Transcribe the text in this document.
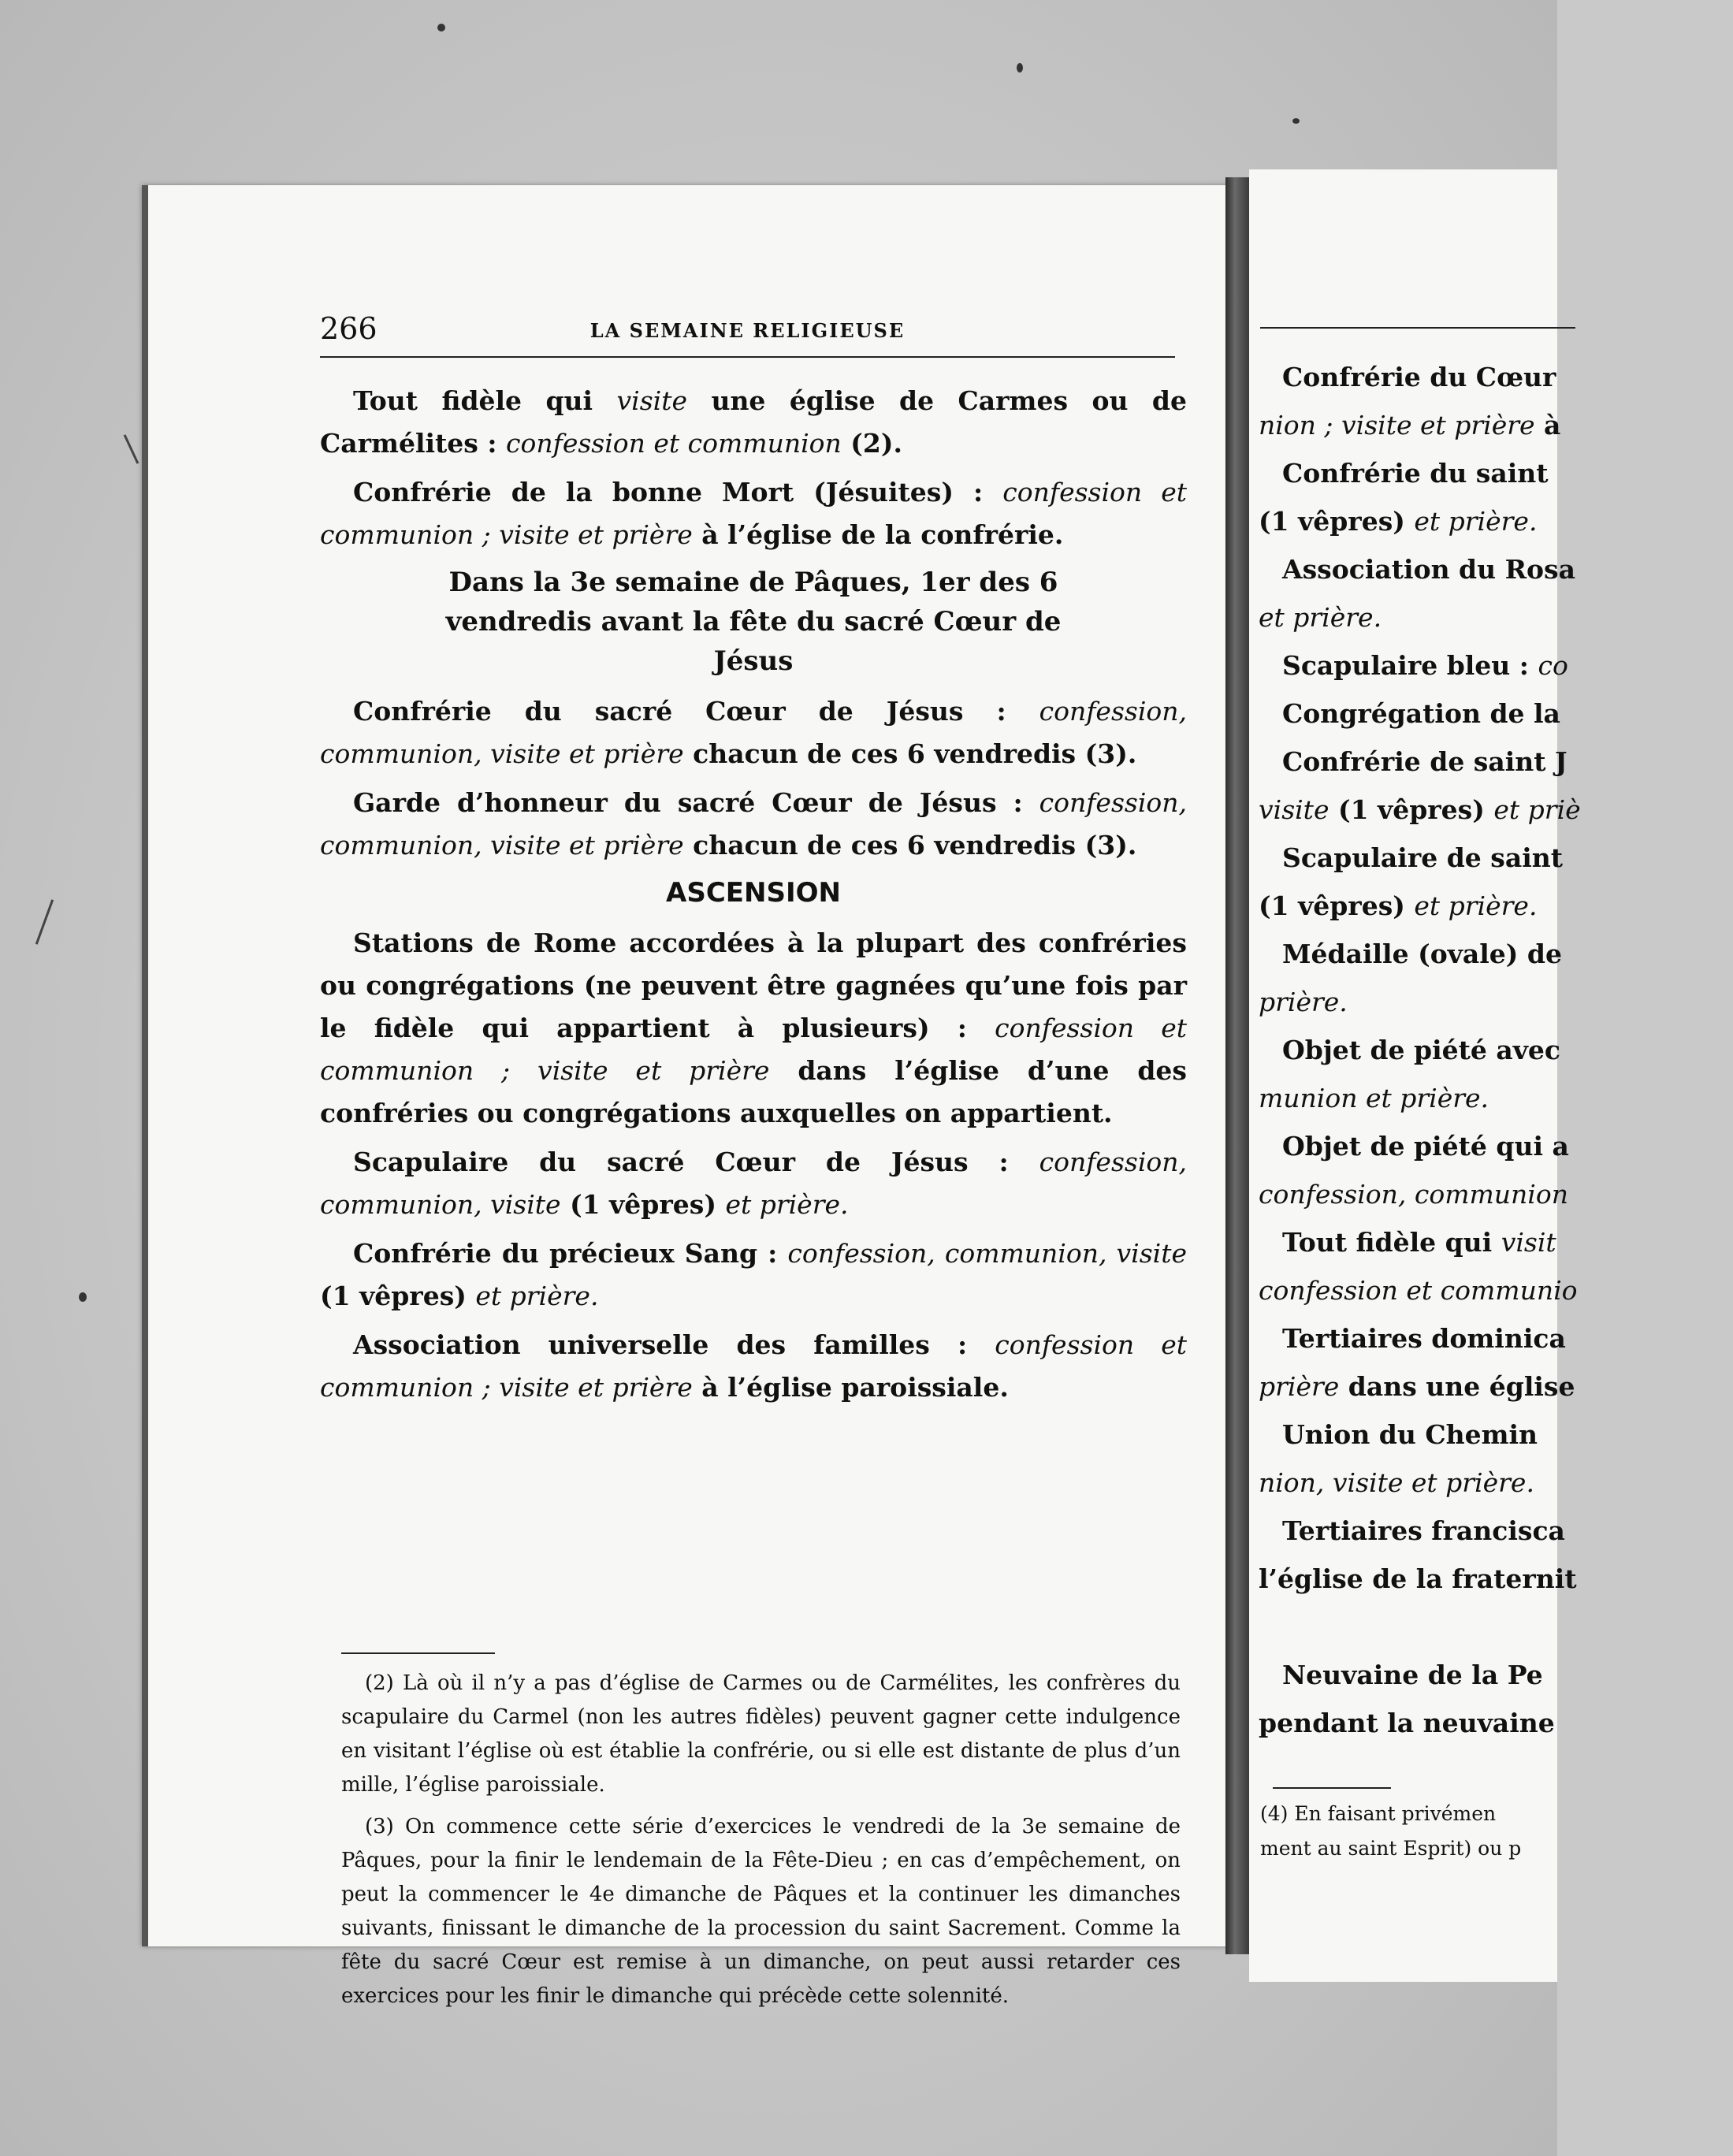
266	LA SEMAINE RELIGIEUSE

Tout fidèle qui visite une église de Carmes ou de Carmélites : confession et communion (2).

Confrérie de la bonne Mort (Jésuites) : confession et communion ; visite et prière à l’église de la confrérie.

Dans la 3e semaine de Pâques, 1er des 6 vendredis avant la fête du sacré Cœur de Jésus

Confrérie du sacré Cœur de Jésus : confession, communion, visite et prière chacun de ces 6 vendredis (3).

Garde d’honneur du sacré Cœur de Jésus : confession, communion, visite et prière chacun de ces 6 vendredis (3).

ASCENSION

Stations de Rome accordées à la plupart des confréries ou congrégations (ne peuvent être gagnées qu’une fois par le fidèle qui appartient à plusieurs) : confession et communion ; visite et prière dans l’église d’une des confréries ou congrégations auxquelles on appartient.

Scapulaire du sacré Cœur de Jésus : confession, communion, visite (1 vêpres) et prière.

Confrérie du précieux Sang : confession, communion, visite (1 vêpres) et prière.

Association universelle des familles : confession et communion ; visite et prière à l’église paroissiale.

(2) Là où il n’y a pas d’église de Carmes ou de Carmélites, les confrères du scapulaire du Carmel (non les autres fidèles) peuvent gagner cette indulgence en visitant l’église où est établie la confrérie, ou si elle est distante de plus d’un mille, l’église paroissiale.

(3) On commence cette série d’exercices le vendredi de la 3e semaine de Pâques, pour la finir le lendemain de la Fête-Dieu ; en cas d’empêchement, on peut la commencer le 4e dimanche de Pâques et la continuer les dimanches suivants, finissant le dimanche de la procession du saint Sacrement. Comme la fête du sacré Cœur est remise à un dimanche, on peut aussi retarder ces exercices pour les finir le dimanche qui précède cette solennité.

Confrérie du Cœur
nion ; visite et prière à
Confrérie du saint
(1 vêpres) et prière.
Association du Rosa
et prière.
Scapulaire bleu : co
Congrégation de la
Confrérie de saint J
visite (1 vêpres) et priè
Scapulaire de saint
(1 vêpres) et prière.
Médaille (ovale) de
prière.
Objet de piété avec
munion et prière.
Objet de piété qui a
confession, communion
Tout fidèle qui visit
confession et communio
Tertiaires dominica
prière dans une église
Union du Chemin
nion, visite et prière.
Tertiaires francisca
l’église de la fraternit
Neuvaine de la Pe
pendant la neuvaine
(4) En faisant privémen
ment au saint Esprit) ou p
